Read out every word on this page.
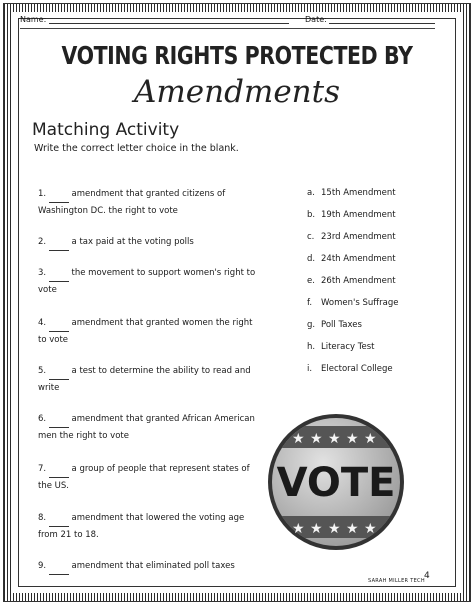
Name:	Date:
VOTING RIGHTS PROTECTED BY
Amendments
Matching Activity
Write the correct letter choice in the blank.
1.	amendment that granted citizens of Washington DC. the right to vote
2.	a tax paid at the voting polls
3.	the movement to support women's right to vote
4.	amendment that granted women the right to vote
5.	a test to determine the ability to read and write
6.	amendment that granted African American men the right to vote
7.	a group of people that represent states of the US.
8.	amendment that lowered the voting age from 21 to 18.
9.	amendment that eliminated poll taxes
a. 15th Amendment
b. 19th Amendment
c. 23rd Amendment
d. 24th Amendment
e. 26th Amendment
f. Women's Suffrage
g. Poll Taxes
h. Literacy Test
i. Electoral College
★ ★ ★ ★ ★
★ ★ ★ ★ ★
VOTE
SARAH MILLER TECH 4
